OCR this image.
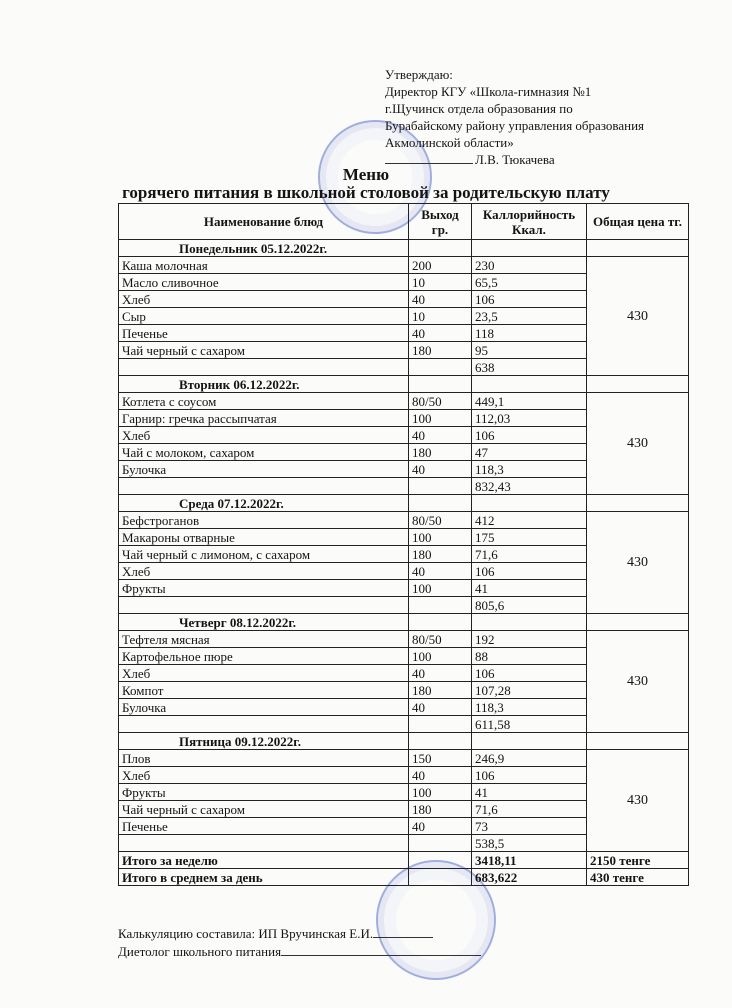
Утверждаю:
Директор КГУ «Школа-гимназия №1
г.Щучинск отдела образования по
Бурабайскому району управления образования
Акмолинской области»
Л.В. Тюкачева
Меню
горячего питания в школьной столовой за родительскую плату
Наименование блюд	Выход гр.	Каллорийность Ккал.	Общая цена тг.
Понедельник 05.12.2022г.			
Каша молочная	200	230	430
Масло сливочное	10	65,5	
Хлеб	40	106	
Сыр	10	23,5	
Печенье	40	118	
Чай черный с сахаром	180	95	
		638	
Вторник 06.12.2022г.			
Котлета с соусом	80/50	449,1	430
Гарнир: гречка рассыпчатая	100	112,03	
Хлеб	40	106	
Чай с молоком, сахаром	180	47	
Булочка	40	118,3	
		832,43	
Среда 07.12.2022г.			
Бефстроганов	80/50	412	430
Макароны отварные	100	175	
Чай черный с лимоном, с сахаром	180	71,6	
Хлеб	40	106	
Фрукты	100	41	
		805,6	
Четверг 08.12.2022г.			
Тефтеля мясная	80/50	192	430
Картофельное пюре	100	88	
Хлеб	40	106	
Компот	180	107,28	
Булочка	40	118,3	
		611,58	
Пятница 09.12.2022г.			
Плов	150	246,9	430
Хлеб	40	106	
Фрукты	100	41	
Чай черный с сахаром	180	71,6	
Печенье	40	73	
		538,5	
Итого за неделю		3418,11	2150 тенге
Итого в среднем за день		683,622	430 тенге
Калькуляцию составила: ИП Вручинская Е.И.
Диетолог школьного питания
